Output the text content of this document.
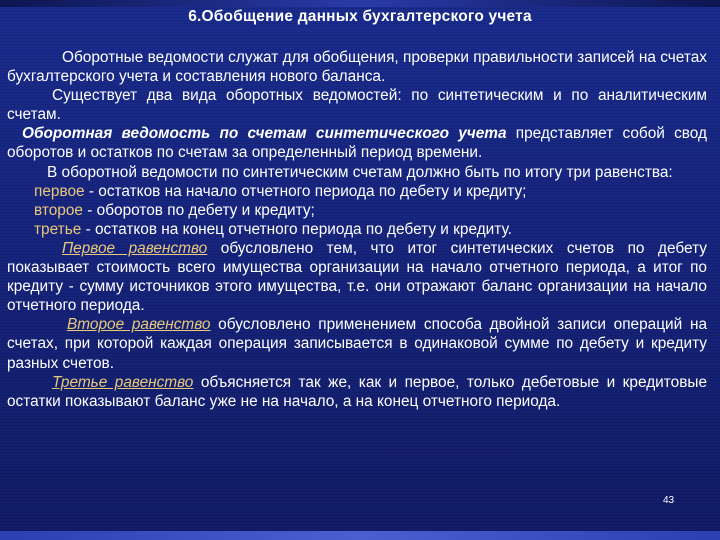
6.Обобщение данных бухгалтерского учета

Оборотные ведомости служат для обобщения, проверки правильности записей на счетах бухгалтерского учета и составления нового баланса.

Существует два вида оборотных ведомостей: по синтетическим и по аналитическим счетам.

Оборотная ведомость по счетам синтетического учета представляет собой свод оборотов и остатков по счетам за определенный период времени.

В оборотной ведомости по синтетическим счетам должно быть по итогу три равенства:

первое - остатков на начало отчетного периода по дебету и кредиту;

второе - оборотов по дебету и кредиту;

третье - остатков на конец отчетного периода по дебету и кредиту.

Первое равенство обусловлено тем, что итог синтетических счетов по дебету показывает стоимость всего имущества организации на начало отчетного периода, а итог по кредиту - сумму источников этого имущества, т.е. они отражают баланс организации на начало отчетного периода.

Второе равенство обусловлено применением способа двойной записи операций на счетах, при которой каждая операция записывается в одинаковой сумме по дебету и кредиту разных счетов.

Третье равенство объясняется так же, как и первое, только дебетовые и кредитовые остатки показывают баланс уже не на начало, а на конец отчетного периода.

43
